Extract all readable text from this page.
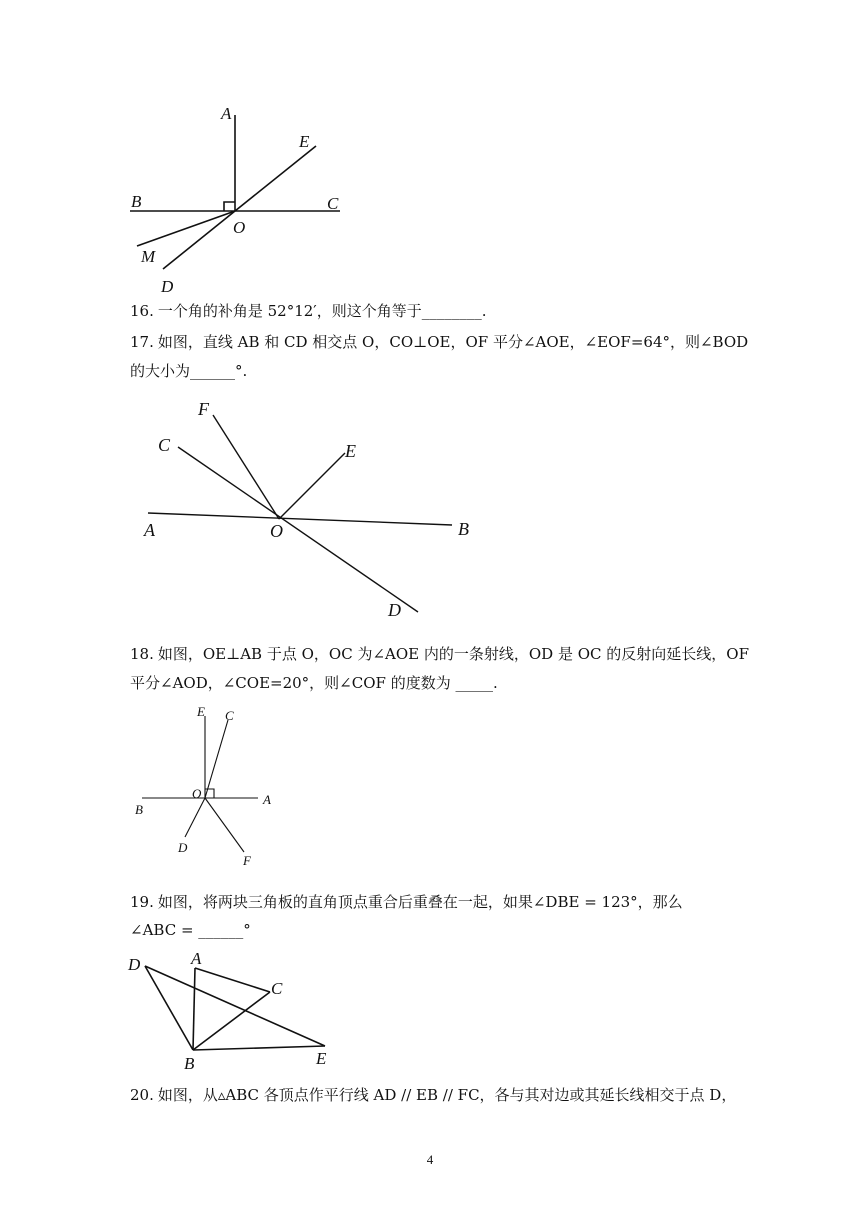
A
E
B	C
O
M
D
16. 一个角的补角是 52°12′，则这个角等于________.
17. 如图，直线 AB 和 CD 相交点 O，CO⊥OE，OF 平分∠AOE，∠EOF=64°，则∠BOD
的大小为______°.
F
C	E
A	O	B
D
18. 如图，OE⊥AB 于点 O，OC 为∠AOE 内的一条射线，OD 是 OC 的反射向延长线，OF
平分∠AOD，∠COE=20°，则∠COF 的度数为 _____.
E C
O
B
A
D
F
19. 如图，将两块三角板的直角顶点重合后重叠在一起，如果∠DBE = 123°，那么
∠ABC = ______°
D	A
C
B	E
20. 如图，从▵ABC 各顶点作平行线 AD // EB // FC，各与其对边或其延长线相交于点 D，
4
